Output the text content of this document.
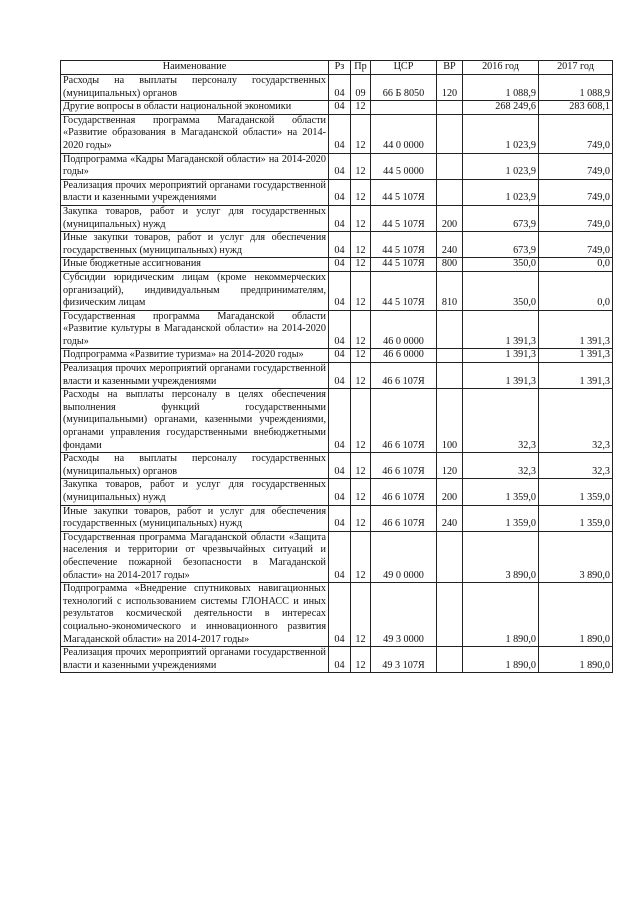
Наименование	Рз	Пр	ЦСР	ВР	2016 год	2017 год
Расходы на выплаты персоналу государственных (муниципальных) органов	04	09	66 Б 8050	120	1 088,9	1 088,9
Другие вопросы в области национальной экономики	04	12			268 249,6	283 608,1
Государственная программа Магаданской области «Развитие образования в Магаданской области» на 2014-2020 годы»	04	12	44 0 0000		1 023,9	749,0
Подпрограмма «Кадры Магаданской области» на 2014-2020 годы»	04	12	44 5 0000		1 023,9	749,0
Реализация прочих мероприятий органами государственной власти и казенными учреждениями	04	12	44 5 107Я		1 023,9	749,0
Закупка товаров, работ и услуг для государственных (муниципальных) нужд	04	12	44 5 107Я	200	673,9	749,0
Иные закупки товаров, работ и услуг для обеспечения государственных (муниципальных) нужд	04	12	44 5 107Я	240	673,9	749,0
Иные бюджетные ассигнования	04	12	44 5 107Я	800	350,0	0,0
Субсидии юридическим лицам (кроме некоммерческих организаций), индивидуальным предпринимателям, физическим лицам	04	12	44 5 107Я	810	350,0	0,0
Государственная программа Магаданской области «Развитие культуры в Магаданской области» на 2014-2020 годы»	04	12	46 0 0000		1 391,3	1 391,3
Подпрограмма «Развитие туризма» на 2014-2020 годы»	04	12	46 6 0000		1 391,3	1 391,3
Реализация прочих мероприятий органами государственной власти и казенными учреждениями	04	12	46 6 107Я		1 391,3	1 391,3
Расходы на выплаты персоналу в целях обеспечения выполнения функций государственными (муниципальными) органами, казенными учреждениями, органами управления государственными внебюджетными фондами	04	12	46 6 107Я	100	32,3	32,3
Расходы на выплаты персоналу государственных (муниципальных) органов	04	12	46 6 107Я	120	32,3	32,3
Закупка товаров, работ и услуг для государственных (муниципальных) нужд	04	12	46 6 107Я	200	1 359,0	1 359,0
Иные закупки товаров, работ и услуг для обеспечения государственных (муниципальных) нужд	04	12	46 6 107Я	240	1 359,0	1 359,0
Государственная программа Магаданской области «Защита населения и территории от чрезвычайных ситуаций и обеспечение пожарной безопасности в Магаданской области» на 2014-2017 годы»	04	12	49 0 0000		3 890,0	3 890,0
Подпрограмма «Внедрение спутниковых навигационных технологий с использованием системы ГЛОНАСС и иных результатов космической деятельности в интересах социально-экономического и инновационного развития Магаданской области» на 2014-2017 годы»	04	12	49 3 0000		1 890,0	1 890,0
Реализация прочих мероприятий органами государственной власти и казенными учреждениями	04	12	49 3 107Я		1 890,0	1 890,0
